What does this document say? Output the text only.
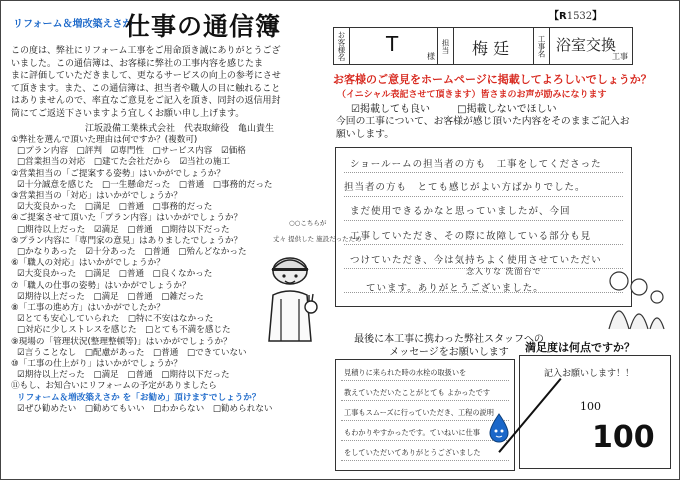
リフォーム＆増改築えさか
仕事の通信簿	【R1532】
お客様名 T
様
担当 梅 廷	工事名 浴室交換
工事
この度は、弊社にリフォーム工事をご用命頂き誠にありがとうござ
いました。この通信簿は、お客様に弊社の工事内容を感じたま
まに評価していただきまして、更なるサービスの向上の参考にさせ
て頂きます。また、この通信簿は、担当者や職人の目に触れること
はありませんので、率直なご意見をご記入を頂き、同封の返信用封
筒にてご返送下さいますよう宜しくお願い申し上げます。
江坂設備工業株式会社　代表取締役　亀山貴生
①弊社を選んで頂いた理由は何ですか？(複数可)
□プラン内容　□評判　☑専門性　□サービス内容　☑価格
□営業担当の対応　□建てた会社だから　☑当社の施工
②営業担当の「ご提案する姿勢」はいかがでしょうか？
☑十分誠意を感じた　□一生懸命だった　□普通　□事務的だった
③営業担当の「対応」はいかがでしょうか？
☑大変良かった　□満足　□普通　□事務的だった
④ご提案させて頂いた「プラン内容」はいかがでしょうか？
□期待以上だった　☑満足　□普通　□期待以下だった
⑤プラン内容に「専門家の意見」はありましたでしょうか？
□かなりあった　☑十分あった　□普通　□殆んどなかった
⑥「職人の対応」はいかがでしょうか？
☑大変良かった　□満足　□普通　□良くなかった
⑦「職人の仕事の姿勢」はいかがでしょうか？
☑期待以上だった　□満足　□普通　□雑だった
⑧「工事の進め方」はいかがでしたか？
☑とても安心していられた　□特に不安はなかった
□対応に少しストレスを感じた　□とても不満を感じた
⑨現場の「管理状況(整理整頓等)」はいかがでしょうか？
☑言うことなし　□配慮があった　□普通　□できていない
⑩「工事の仕上がり」はいかがでしょうか？
☑期待以上だった　□満足　□普通　□期待以下だった
⑪もし、お知合いにリフォームの予定がありましたら
リフォーム＆増改築えさか を「お勧め」頂けますでしょうか？
☑ぜひ勧めたい　□勧めてもいい　□わからない　□勧められない
○○こちらが
丈々 提供した 施設だったため
お客様のご意見をホームページに掲載してよろしいでしょうか？
（イニシャル表記させて頂きます）皆さまのお声が励みになります
☑掲載しても良い	□掲載しないでほしい
今回の工事について、お客様が感じ頂いた内容をそのままご記入お願いします。
ショールームの担当者の方も　工事をしてくださった
担当者の方も　とても感じがよい方ばかりでした。
まだ使用できるかなと思っていましたが、今回
工事していただき、その際に故障している部分も見
つけていただき、今は気持ちよく使用させていただい
念入りな 洗面台で
ています。ありがとうございました。
最後に本工事に携わった弊社スタッフへの メッセージをお願いします
見積りに来られた時の水栓の取扱いを
教えていただいたことがとても よかったです
工事もスムーズに行っていただき、工程の説明
もわかりやすかったです。ていねいに仕事
をしていただいてありがとうございました
満足度は何点ですか？
記入お願いします！！
100
100
